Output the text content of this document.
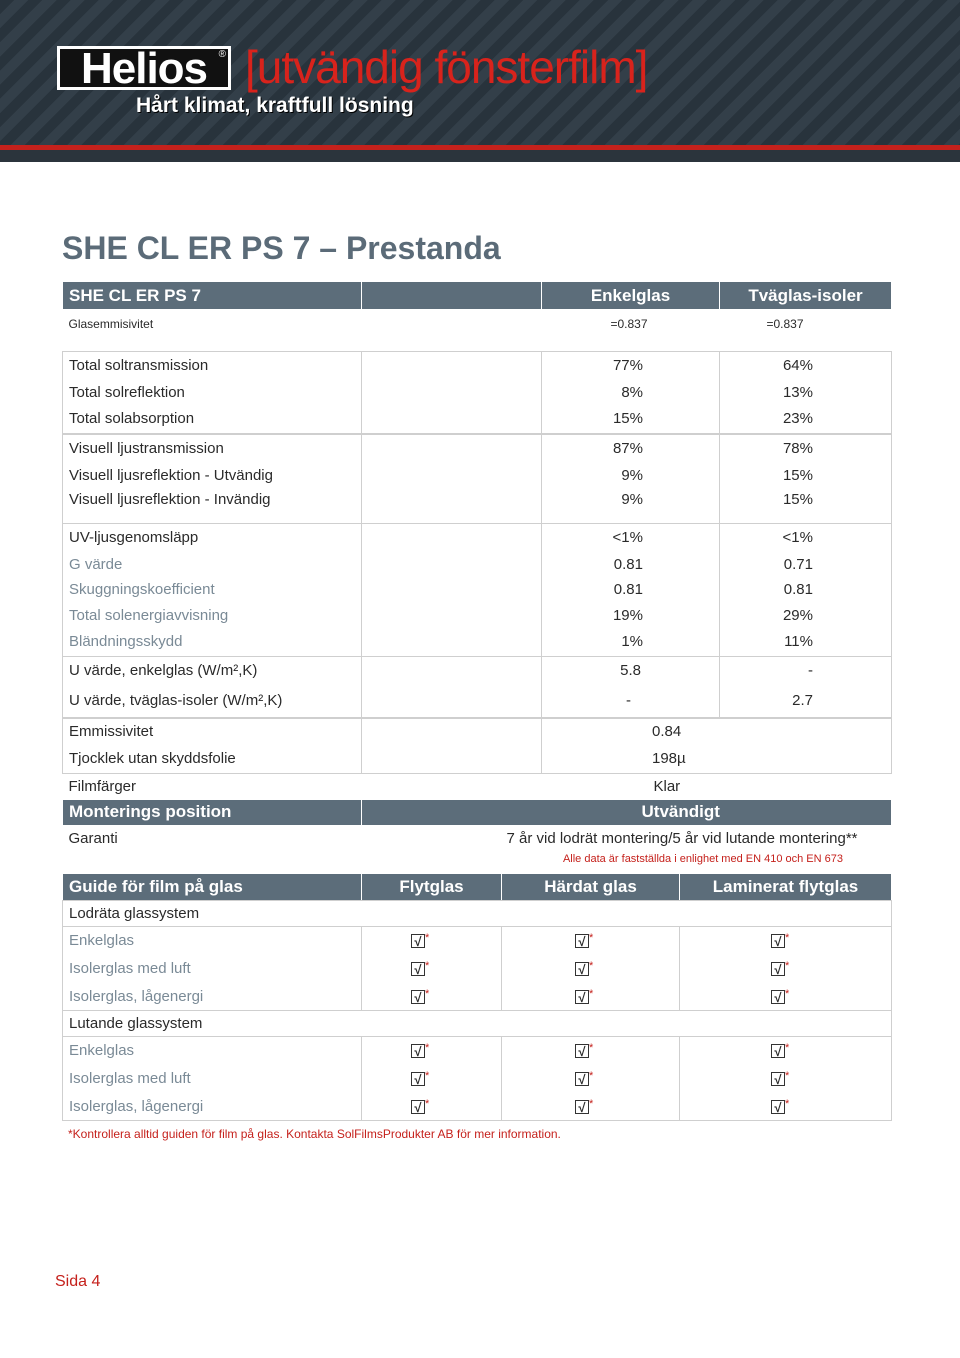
Helios	® [utvändig fönsterfilm]
Hårt klimat, kraftfull lösning
SHE CL ER PS 7 – Prestanda
SHE CL ER PS 7		Enkelglas	Tväglas-isoler
Glasemmisivitet		=0.837	=0.837

Total soltransmission		77%	64%
Total solreflektion		8%	13%
Total solabsorption		15%	23%
Visuell ljustransmission		87%	78%
Visuell ljusreflektion - Utvändig		9%	15%
Visuell ljusreflektion - Invändig		9%	15%
UV-ljusgenomsläpp		<1%	<1%
G värde		0.81	0.71
Skuggningskoefficient		0.81	0.81
Total solenergiavvisning		19%	29%
Bländningsskydd		1%	11%
U värde, enkelglas (W/m²,K)		5.8	-
U värde, tväglas-isoler (W/m²,K)		-	2.7
Emmissivitet		0.84
Tjocklek utan skyddsfolie		198µ
Filmfärger		Klar
Monterings position		Utvändigt
Garanti	7 år vid lodrät montering/5 år vid lutande montering**	
Alle data är fastställda i enlighet med EN 410 och EN 673
Guide för film på glas	Flytglas	Härdat glas	Laminerat flytglas
Lodräta glassystem			
Enkelglas	√ *	√ *	√ *
Isolerglas med luft	√ *	√ *	√ *
Isolerglas, lågenergi	√ *	√ *	√ *
Lutande glassystem			
Enkelglas	√ *	√ *	√ *
Isolerglas med luft	√ *	√ *	√ *
Isolerglas, lågenergi	√ *	√ *	√ *
*Kontrollera alltid guiden för film på glas. Kontakta SolFilmsProdukter AB för mer information.
Sida 4
